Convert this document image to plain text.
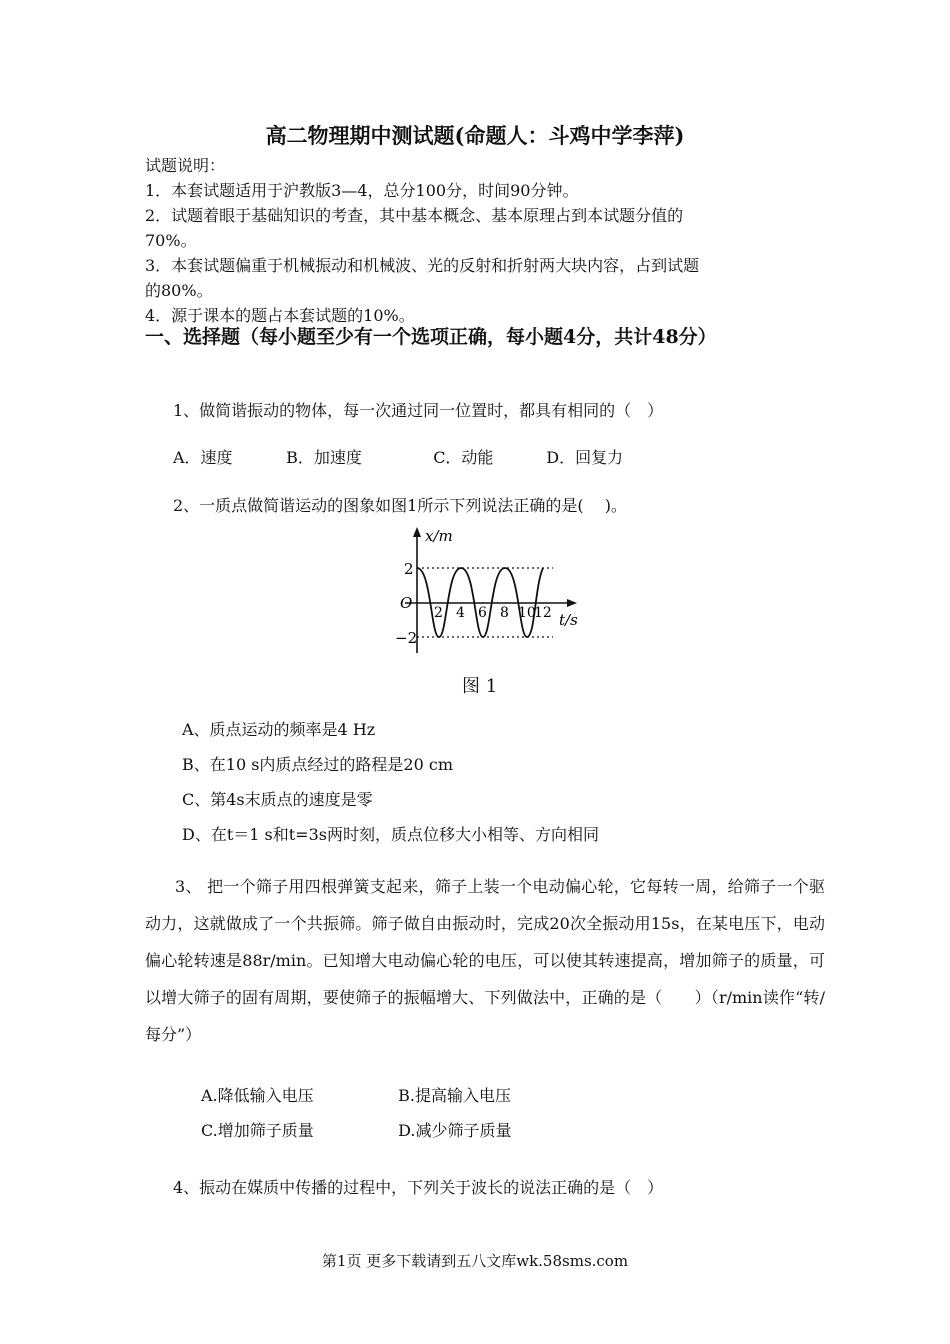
高二物理期中测试题(命题人：斗鸡中学李萍)
试题说明：
1．本套试题适用于沪教版3—4，总分100分，时间90分钟。
2．试题着眼于基础知识的考查，其中基本概念、基本原理占到本试题分值的
70%。
3．本套试题偏重于机械振动和机械波、光的反射和折射两大块内容，占到试题
的80%。
4．源于课本的题占本套试题的10%。
一、选择题（每小题至少有一个选项正确，每小题4分，共计48分）
1、做简谐振动的物体，每一次通过同一位置时，都具有相同的（　）
A．速度	B．加速度	C．动能	D．回复力
2、一质点做简谐运动的图象如图1所示下列说法正确的是(　 )。
x/m
t/s
O
2
−2
2 4 6 8 10
12
图 1
A、质点运动的频率是4 Hz
B、在10 s内质点经过的路程是20 cm
C、第4s末质点的速度是零
D、在t＝1 s和t=3s两时刻，质点位移大小相等、方向相同
3、 把一个筛子用四根弹簧支起来，筛子上装一个电动偏心轮，它每转一周，给筛子一个驱动力，这就做成了一个共振筛。筛子做自由振动时，完成20次全振动用15s，在某电压下，电动偏心轮转速是88r/min。已知增大电动偏心轮的电压，可以使其转速提高，增加筛子的质量，可以增大筛子的固有周期，要使筛子的振幅增大、下列做法中，正确的是（　　）（r/min读作“转/每分”）
A.降低输入电压	B.提高输入电压
C.增加筛子质量	D.减少筛子质量
4、振动在媒质中传播的过程中，下列关于波长的说法正确的是（　）
第1页 更多下载请到五八文库wk.58sms.com
